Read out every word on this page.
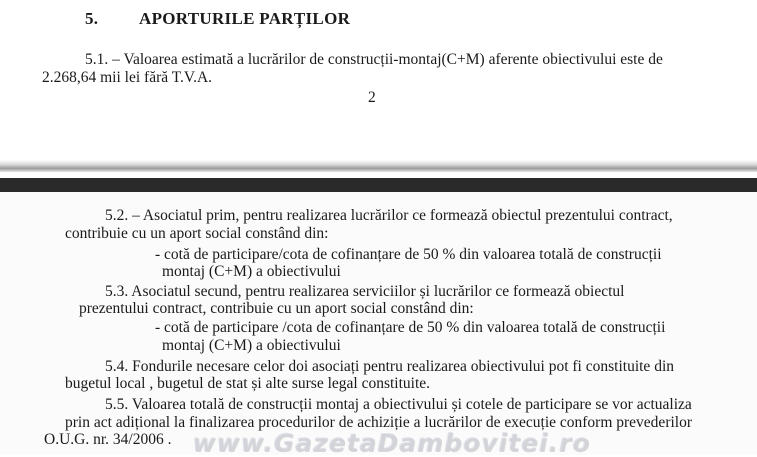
5. APORTURILE PARȚILOR
5.1. – Valoarea estimată a lucrărilor de construcții-montaj(C+M) aferente obiectivului este de
2.268,64 mii lei fără T.V.A.
2
5.2. – Asociatul prim, pentru realizarea lucrărilor ce formează obiectul prezentului contract,
contribuie cu un aport social constând din:
- cotă de participare/cota de cofinanțare de 50 % din valoarea totală de construcții
montaj (C+M) a obiectivului
5.3. Asociatul secund, pentru realizarea serviciilor și lucrărilor ce formează obiectul
prezentului contract, contribuie cu un aport social constând din:
- cotă de participare /cota de cofinanțare de 50 % din valoarea totală de construcții
montaj (C+M) a obiectivului
5.4. Fondurile necesare celor doi asociați pentru realizarea obiectivului pot fi constituite din
bugetul local , bugetul de stat și alte surse legal constituite.
5.5. Valoarea totală de construcții montaj a obiectivului și cotele de participare se vor actualiza
prin act adițional la finalizarea procedurilor de achiziție a lucrărilor de execuție conform prevederilor
O.U.G. nr. 34/2006 . www.GazetaDambovitei.ro
